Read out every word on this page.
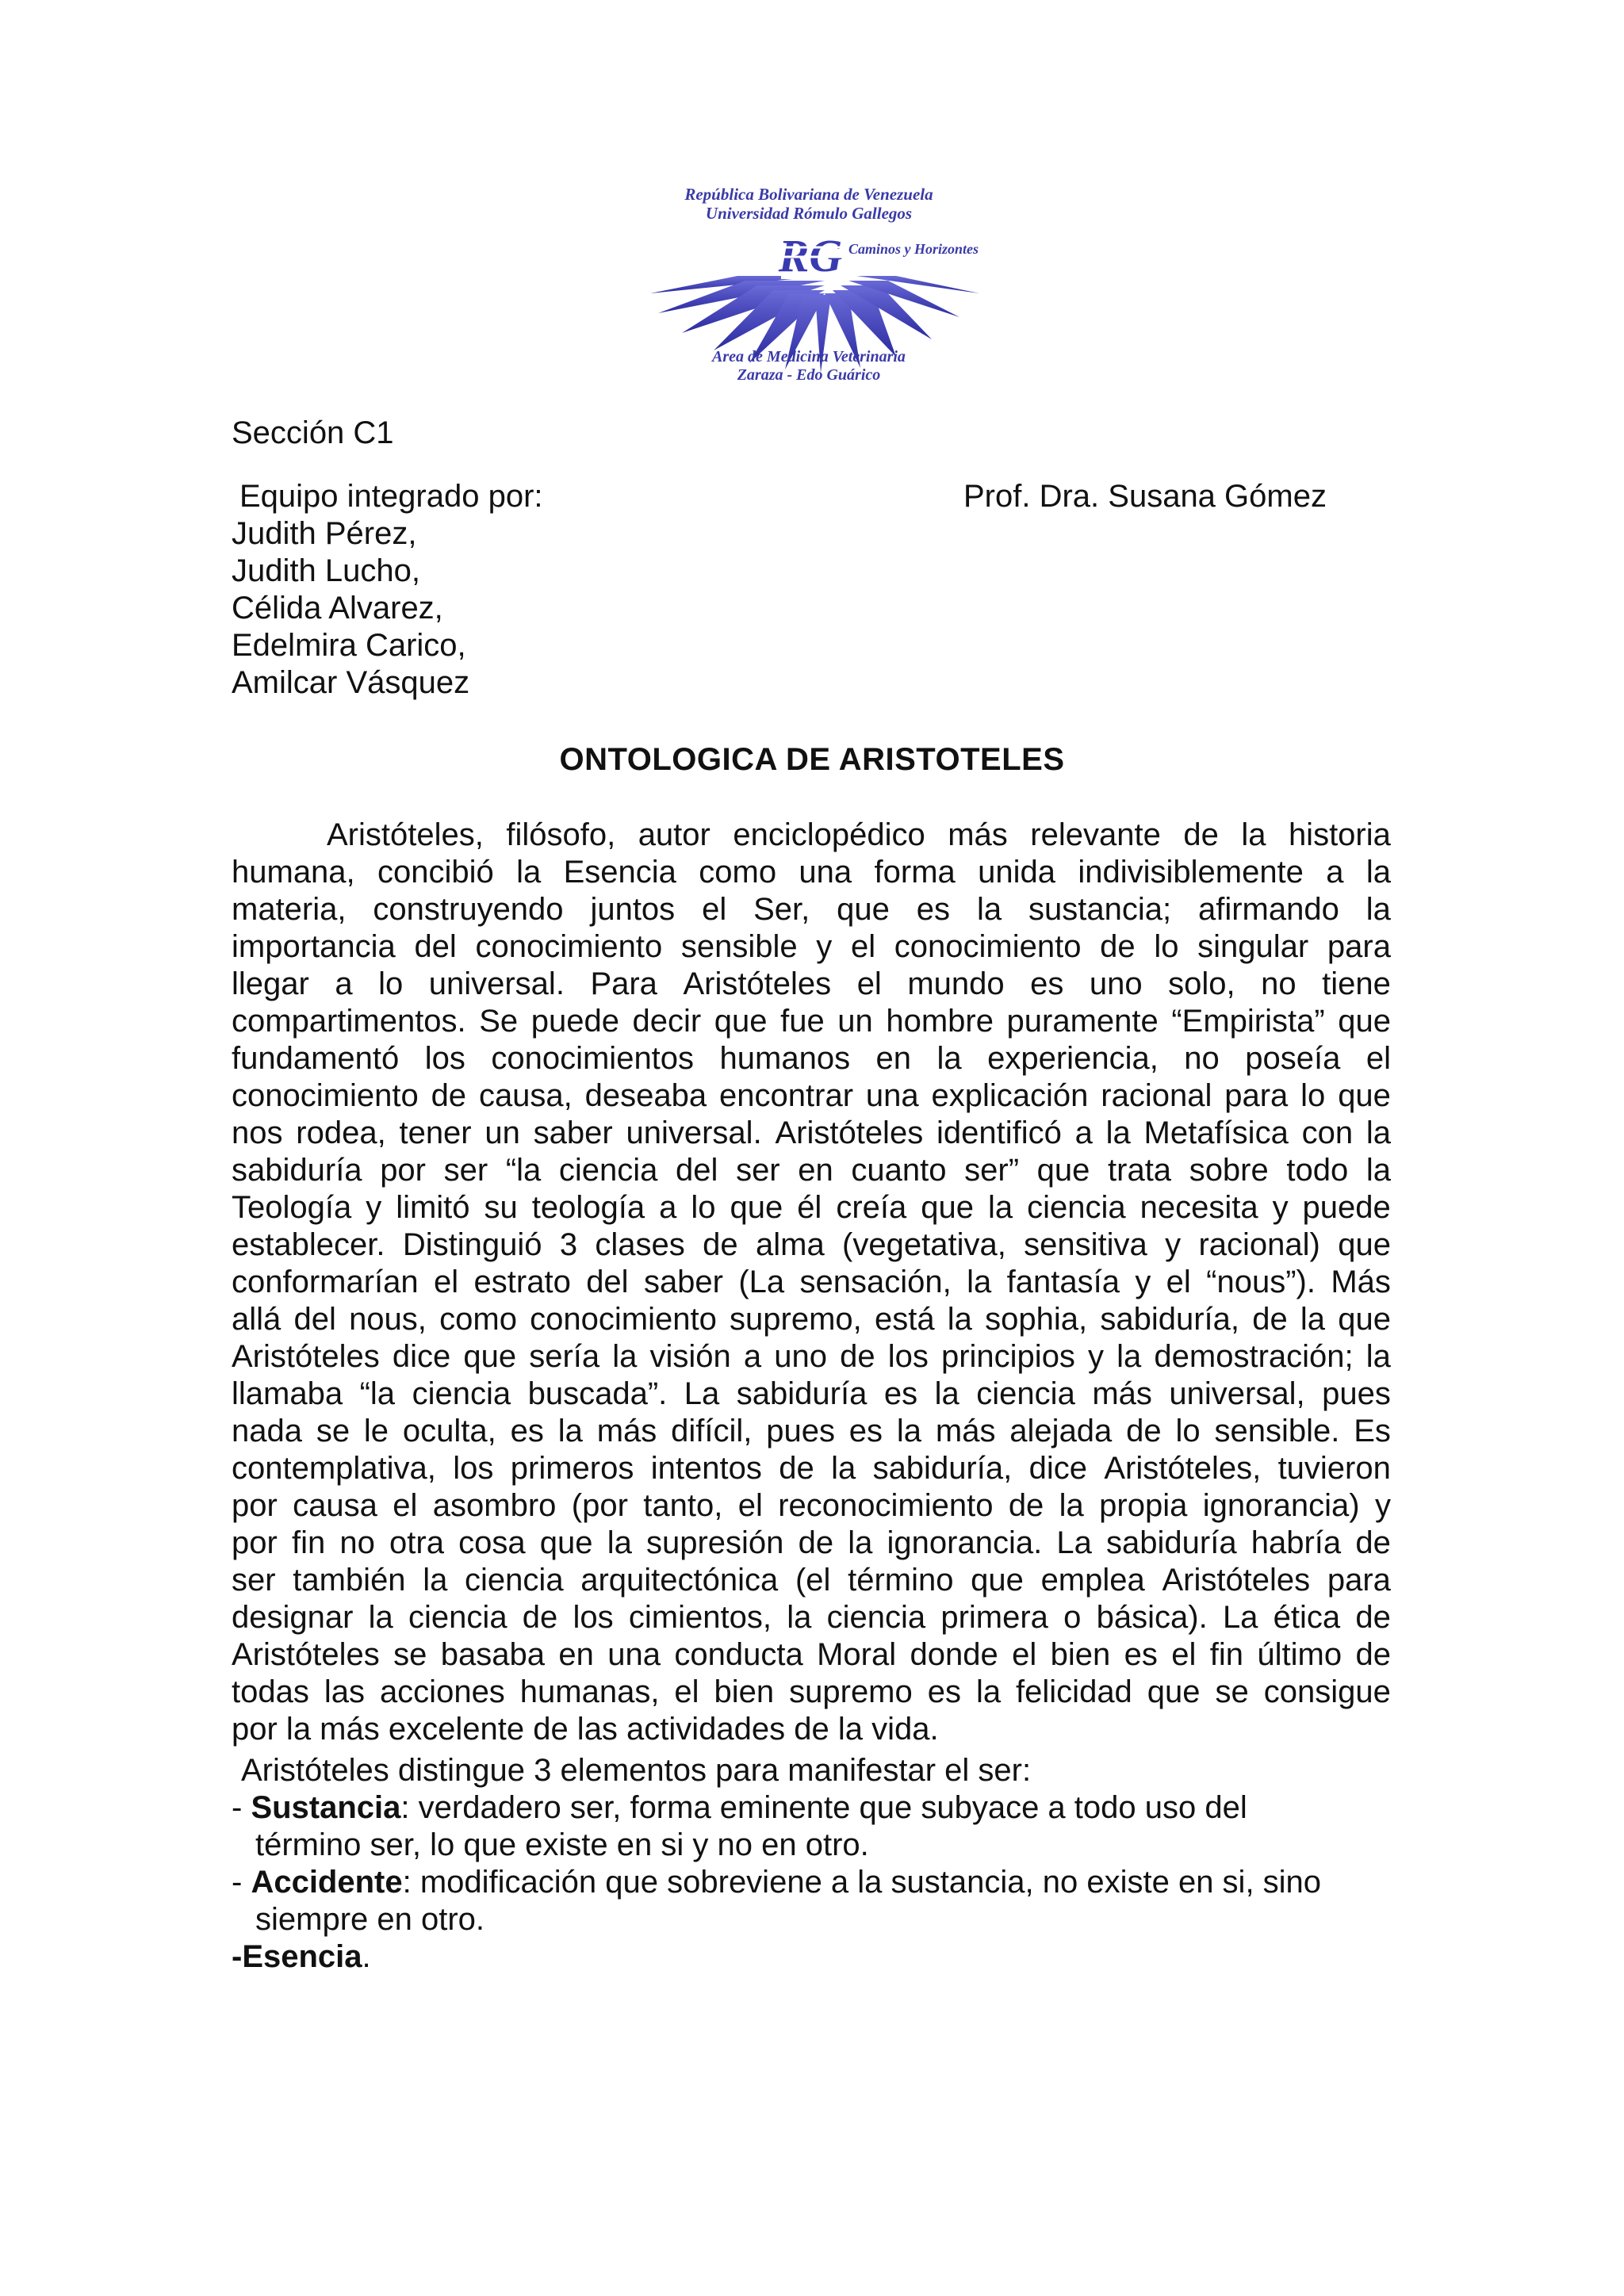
República Bolivariana de Venezuela
Universidad Rómulo Gallegos
RG Caminos y Horizontes
Area de Medicina Veterinaria
Zaraza - Edo Guárico
Sección C1
Equipo integrado por:	Prof. Dra. Susana Gómez
Judith Pérez,
Judith Lucho,
Célida Alvarez,
Edelmira Carico,
Amilcar Vásquez
ONTOLOGICA DE ARISTOTELES
Aristóteles, filósofo, autor enciclopédico más relevante de la historia
humana, concibió la Esencia como una forma unida indivisiblemente a la
materia, construyendo juntos el Ser, que es la sustancia; afirmando la
importancia del conocimiento sensible y el conocimiento de lo singular para
llegar a lo universal. Para Aristóteles el mundo es uno solo, no tiene
compartimentos. Se puede decir que fue un hombre puramente “Empirista” que
fundamentó los conocimientos humanos en la experiencia, no poseía el
conocimiento de causa, deseaba encontrar una explicación racional para lo que
nos rodea, tener un saber universal. Aristóteles identificó a la Metafísica con la
sabiduría por ser “la ciencia del ser en cuanto ser” que trata sobre todo la
Teología y limitó su teología a lo que él creía que la ciencia necesita y puede
establecer. Distinguió 3 clases de alma (vegetativa, sensitiva y racional) que
conformarían el estrato del saber (La sensación, la fantasía y el “nous”). Más
allá del nous, como conocimiento supremo, está la sophia, sabiduría, de la que
Aristóteles dice que sería la visión a uno de los principios y la demostración; la
llamaba “la ciencia buscada”. La sabiduría es la ciencia más universal, pues
nada se le oculta, es la más difícil, pues es la más alejada de lo sensible. Es
contemplativa, los primeros intentos de la sabiduría, dice Aristóteles, tuvieron
por causa el asombro (por tanto, el reconocimiento de la propia ignorancia) y
por fin no otra cosa que la supresión de la ignorancia. La sabiduría habría de
ser también la ciencia arquitectónica (el término que emplea Aristóteles para
designar la ciencia de los cimientos, la ciencia primera o básica). La ética de
Aristóteles se basaba en una conducta Moral donde el bien es el fin último de
todas las acciones humanas, el bien supremo es la felicidad que se consigue
por la más excelente de las actividades de la vida.
Aristóteles distingue 3 elementos para manifestar el ser:
- Sustancia: verdadero ser, forma eminente que subyace a todo uso del
término ser, lo que existe en si y no en otro.
- Accidente: modificación que sobreviene a la sustancia, no existe en si, sino
siempre en otro.
-Esencia.
